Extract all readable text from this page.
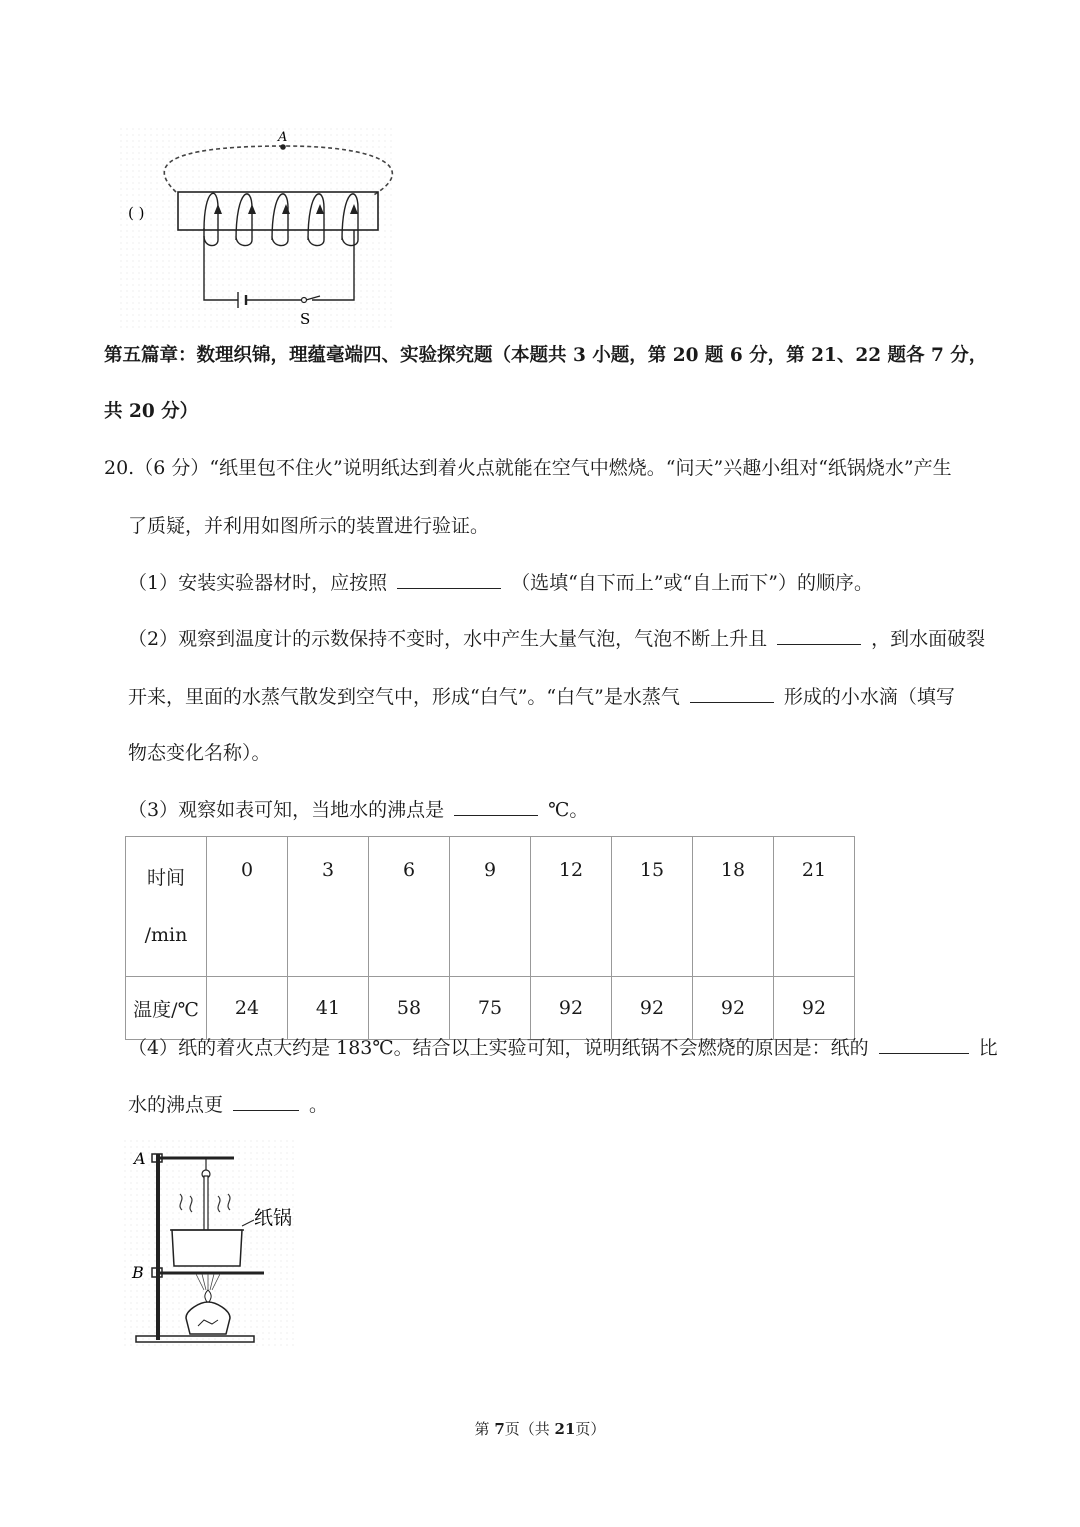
A
( )
S
第五篇章：数理织锦，理蕴毫端四、实验探究题（本题共 3 小题，第 20 题 6 分，第 21、22 题各 7 分，
共 20 分）
20.（6 分）“纸里包不住火”说明纸达到着火点就能在空气中燃烧。“问天”兴趣小组对“纸锅烧水”产生
了质疑，并利用如图所示的装置进行验证。
（1）安装实验器材时，应按照	（选填“自下而上”或“自上而下”）的顺序。
（2）观察到温度计的示数保持不变时，水中产生大量气泡，气泡不断上升且	，到水面破裂
开来，里面的水蒸气散发到空气中，形成“白气”。“白气”是水蒸气	形成的小水滴（填写
物态变化名称）。
（3）观察如表可知，当地水的沸点是	℃。
时间
/min	0	3	6	9	12	15	18	21
温度/℃	24	41	58	75	92	92	92	92
（4）纸的着火点大约是 183℃。结合以上实验可知，说明纸锅不会燃烧的原因是：纸的	比
水的沸点更	。
A
B
纸锅
第 7页（共 21页）
